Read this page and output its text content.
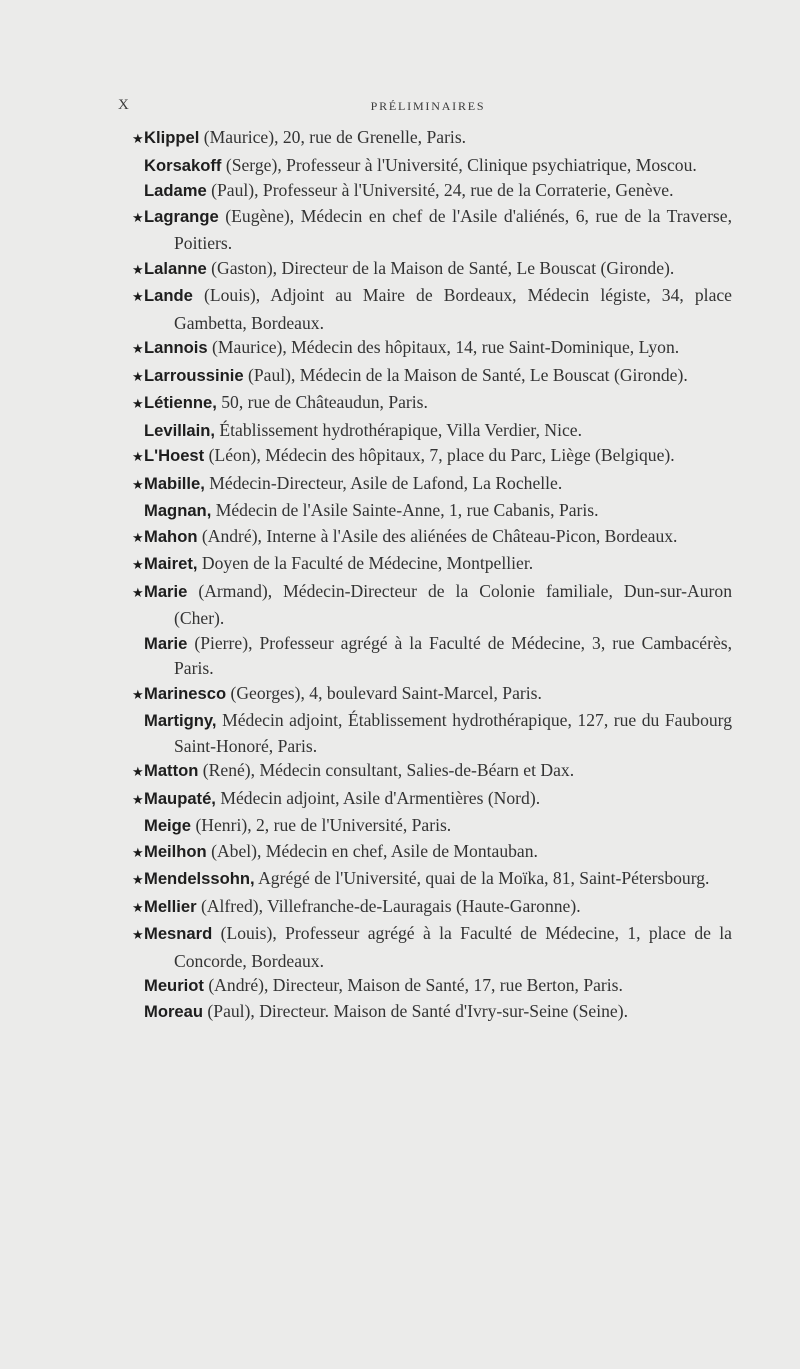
X	PRÉLIMINAIRES

★Klippel (Maurice), 20, rue de Grenelle, Paris.

Korsakoff (Serge), Professeur à l'Université, Clinique psychiatrique, Moscou.

Ladame (Paul), Professeur à l'Université, 24, rue de la Corraterie, Genève.

★Lagrange (Eugène), Médecin en chef de l'Asile d'aliénés, 6, rue de la Traverse, Poitiers.

★Lalanne (Gaston), Directeur de la Maison de Santé, Le Bouscat (Gironde).

★Lande (Louis), Adjoint au Maire de Bordeaux, Médecin légiste, 34, place Gambetta, Bordeaux.

★Lannois (Maurice), Médecin des hôpitaux, 14, rue Saint-Dominique, Lyon.

★Larroussinie (Paul), Médecin de la Maison de Santé, Le Bouscat (Gironde).

★Létienne, 50, rue de Châteaudun, Paris.

Levillain, Établissement hydrothérapique, Villa Verdier, Nice.

★L'Hoest (Léon), Médecin des hôpitaux, 7, place du Parc, Liège (Belgique).

★Mabille, Médecin-Directeur, Asile de Lafond, La Rochelle.

Magnan, Médecin de l'Asile Sainte-Anne, 1, rue Cabanis, Paris.

★Mahon (André), Interne à l'Asile des aliénées de Château-Picon, Bordeaux.

★Mairet, Doyen de la Faculté de Médecine, Montpellier.

★Marie (Armand), Médecin-Directeur de la Colonie familiale, Dun-sur-Auron (Cher).

Marie (Pierre), Professeur agrégé à la Faculté de Médecine, 3, rue Cambacérès, Paris.

★Marinesco (Georges), 4, boulevard Saint-Marcel, Paris.

Martigny, Médecin adjoint, Établissement hydrothérapique, 127, rue du Faubourg Saint-Honoré, Paris.

★Matton (René), Médecin consultant, Salies-de-Béarn et Dax.

★Maupaté, Médecin adjoint, Asile d'Armentières (Nord).

Meige (Henri), 2, rue de l'Université, Paris.

★Meilhon (Abel), Médecin en chef, Asile de Montauban.

★Mendelssohn, Agrégé de l'Université, quai de la Moïka, 81, Saint-Pétersbourg.

★Mellier (Alfred), Villefranche-de-Lauragais (Haute-Garonne).

★Mesnard (Louis), Professeur agrégé à la Faculté de Médecine, 1, place de la Concorde, Bordeaux.

Meuriot (André), Directeur, Maison de Santé, 17, rue Berton, Paris.

Moreau (Paul), Directeur. Maison de Santé d'Ivry-sur-Seine (Seine).
